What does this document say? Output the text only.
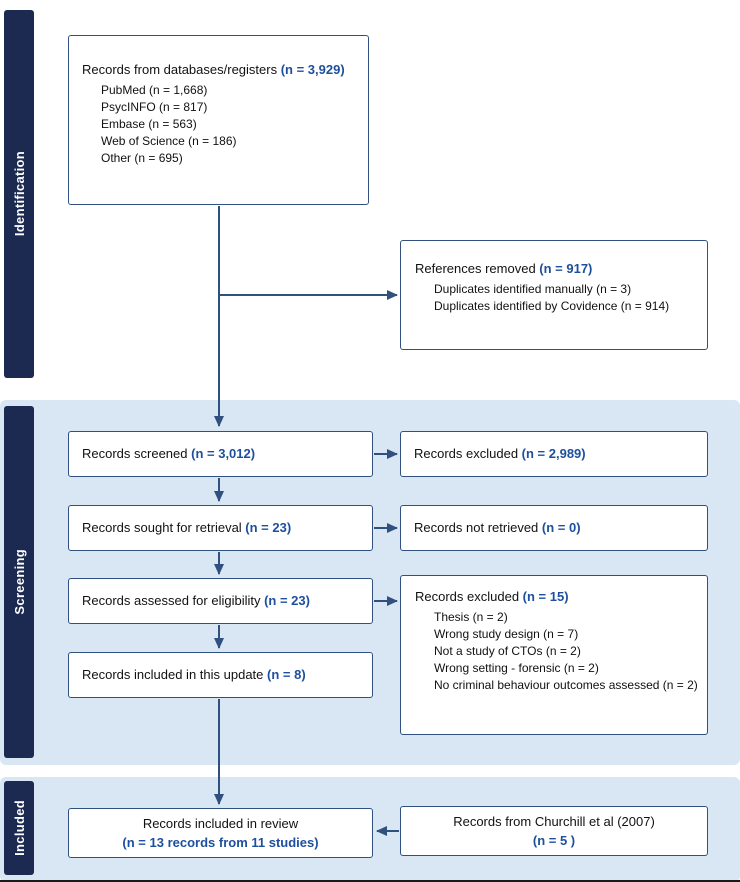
Identification
Screening
Included
Records from databases/registers (n = 3,929)
PubMed (n = 1,668)
PsycINFO (n = 817)
Embase (n = 563)
Web of Science (n = 186)
Other (n = 695)
References removed (n = 917)
Duplicates identified manually (n = 3)
Duplicates identified by Covidence (n = 914)
Records screened (n = 3,012)	Records excluded (n = 2,989)
Records sought for retrieval (n = 23)	Records not retrieved (n = 0)
Records assessed for eligibility (n = 23)	Records excluded (n = 15)
Thesis (n = 2)
Wrong study design (n = 7)
Not a study of CTOs (n = 2)
Wrong setting - forensic (n = 2)
No criminal behaviour outcomes assessed (n = 2)
Records included in this update (n = 8)
Records included in review
(n = 13 records from 11 studies)
Records from Churchill et al (2007)
(n = 5 )
